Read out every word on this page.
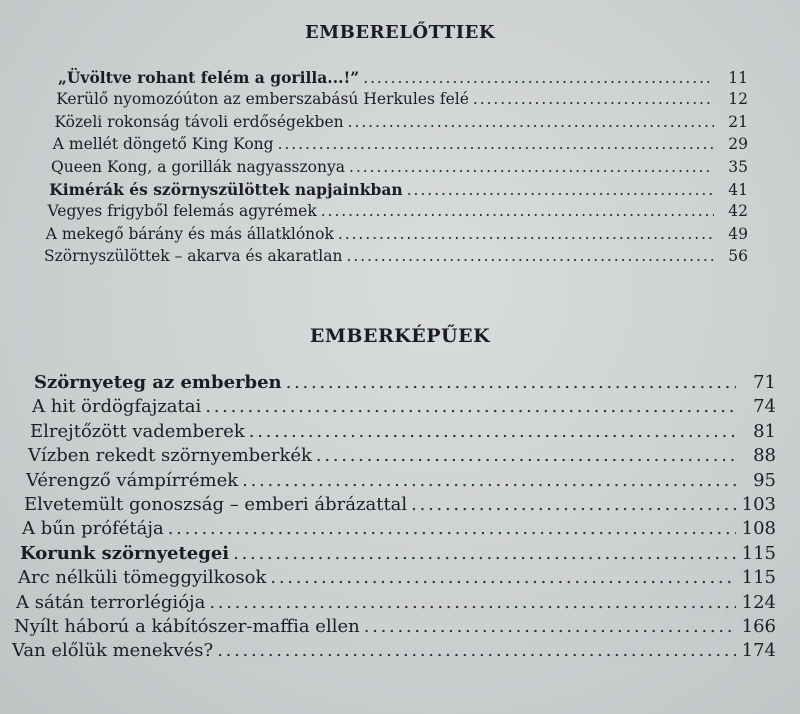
EMBERELŐTTIEK
„Üvöltve rohant felém a gorilla...!” . . .	11
Kerülő nyomozóúton az emberszabású Herkules felé . . .	12
Közeli rokonság távoli erdőségekben . . .	21
A mellét döngető King Kong . . .	29
Queen Kong, a gorillák nagyasszonya . . .	35
Kimérák és szörnyszülöttek napjainkban . . .	41
Vegyes frigyből felemás agyrémek . . .	42
A mekegő bárány és más állatklónok . . .	49
Szörnyszülöttek – akarva és akaratlan . . .	56
EMBERKÉPŰEK
Szörnyeteg az emberben . . .	71
A hit ördögfajzatai . . .	74
Elrejtőzött vademberek . . .	81
Vízben rekedt szörnyemberkék . . .	88
Vérengző vámpírrémek . . .	95
Elvetemült gonoszság – emberi ábrázattal . . .	103
A bűn prófétája . . .	108
Korunk szörnyetegei . . .	115
Arc nélküli tömeggyilkosok . . .	115
A sátán terrorlégiója . . .	124
Nyílt háború a kábítószer-maffia ellen . . .	166
Van előlük menekvés? . . .	174
